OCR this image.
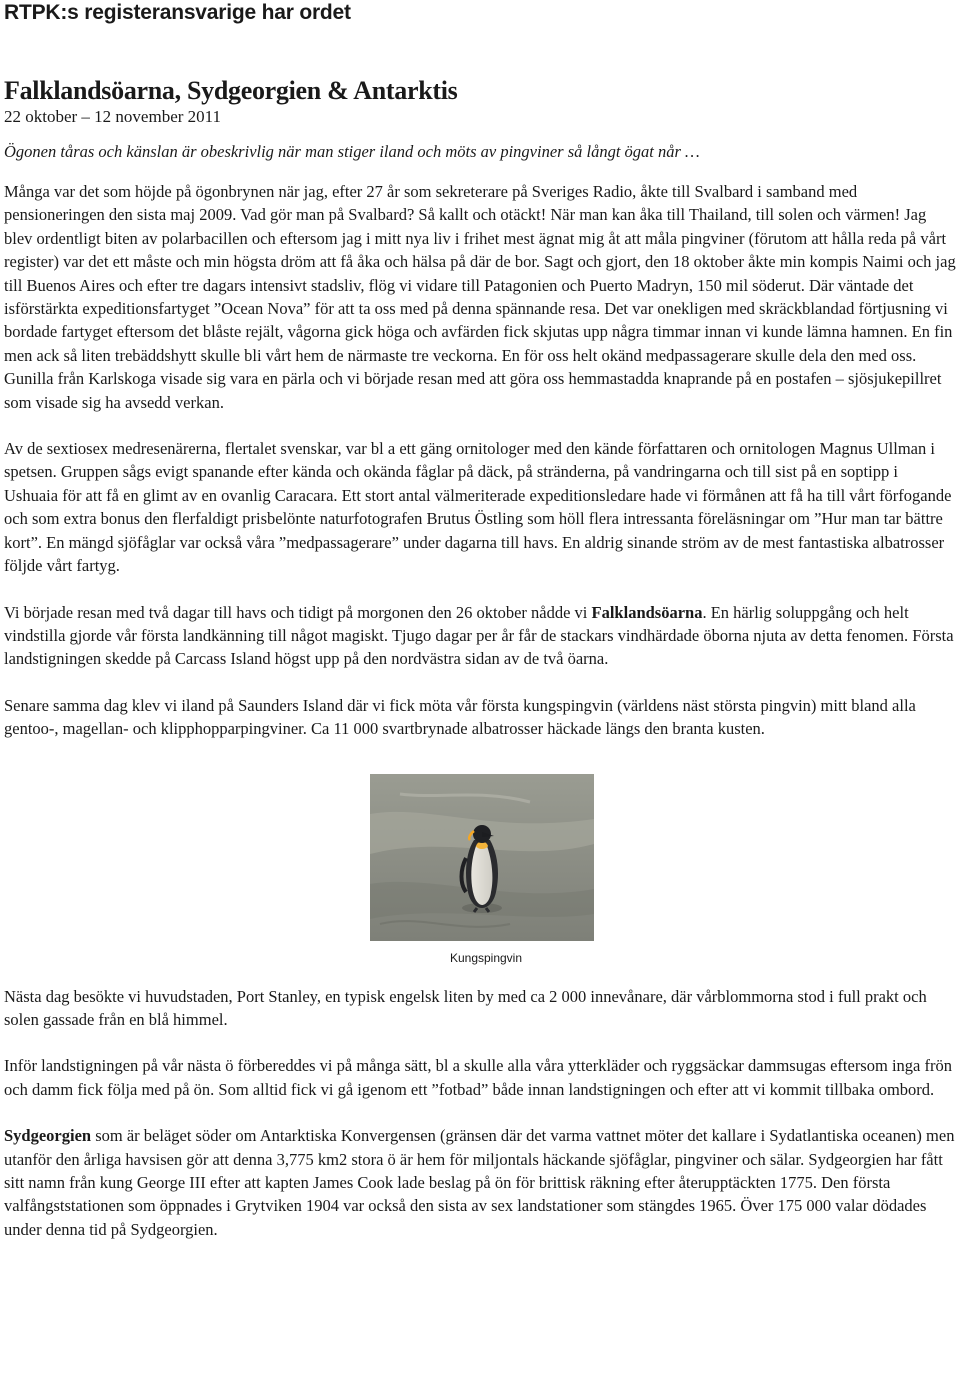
RTPK:s registeransvarige har ordet
Falklandsöarna, Sydgeorgien & Antarktis
22 oktober – 12 november 2011
Ögonen tåras och känslan är obeskrivlig när man stiger iland och möts av pingviner så långt ögat når …

Många var det som höjde på ögonbrynen när jag, efter 27 år som sekreterare på Sveriges Radio, åkte till Svalbard i samband med pensioneringen den sista maj 2009. Vad gör man på Svalbard? Så kallt och otäckt! När man kan åka till Thailand, till solen och värmen! Jag blev ordentligt biten av polarbacillen och eftersom jag i mitt nya liv i frihet mest ägnat mig åt att måla pingviner (förutom att hålla reda på vårt register) var det ett måste och min högsta dröm att få åka och hälsa på där de bor. Sagt och gjort, den 18 oktober åkte min kompis Naimi och jag till Buenos Aires och efter tre dagars intensivt stadsliv, flög vi vidare till Patagonien och Puerto Madryn, 150 mil söderut. Där väntade det isförstärkta expeditionsfartyget ”Ocean Nova” för att ta oss med på denna spännande resa. Det var onekligen med skräckblandad förtjusning vi bordade fartyget eftersom det blåste rejält, vågorna gick höga och avfärden fick skjutas upp några timmar innan vi kunde lämna hamnen. En fin men ack så liten trebäddshytt skulle bli vårt hem de närmaste tre veckorna. En för oss helt okänd medpassagerare skulle dela den med oss. Gunilla från Karlskoga visade sig vara en pärla och vi började resan med att göra oss hemmastadda knaprande på en postafen – sjösjukepillret som visade sig ha avsedd verkan.

Av de sextiosex medresenärerna, flertalet svenskar, var bl a ett gäng ornitologer med den kände författaren och ornitologen Magnus Ullman i spetsen. Gruppen sågs evigt spanande efter kända och okända fåglar på däck, på stränderna, på vandringarna och till sist på en soptipp i Ushuaia för att få en glimt av en ovanlig Caracara. Ett stort antal välmeriterade expeditionsledare hade vi förmånen att få ha till vårt förfogande och som extra bonus den flerfaldigt prisbelönte naturfotografen Brutus Östling som höll flera intressanta föreläsningar om ”Hur man tar bättre kort”. En mängd sjöfåglar var också våra ”medpassagerare” under dagarna till havs. En aldrig sinande ström av de mest fantastiska albatrosser följde vårt fartyg.

Vi började resan med två dagar till havs och tidigt på morgonen den 26 oktober nådde vi Falklandsöarna. En härlig soluppgång och helt vindstilla gjorde vår första landkänning till något magiskt. Tjugo dagar per år får de stackars vindhärdade öborna njuta av detta fenomen. Första landstigningen skedde på Carcass Island högst upp på den nordvästra sidan av de två öarna.

Senare samma dag klev vi iland på Saunders Island där vi fick möta vår första kungspingvin (världens näst största pingvin) mitt bland alla gentoo-, magellan- och klipphopparpingviner. Ca 11 000 svartbrynade albatrosser häckade längs den branta kusten.

Kungspingvin

Nästa dag besökte vi huvudstaden, Port Stanley, en typisk engelsk liten by med ca 2 000 innevånare, där vårblommorna stod i full prakt och solen gassade från en blå himmel.

Inför landstigningen på vår nästa ö förbereddes vi på många sätt, bl a skulle alla våra ytterkläder och ryggsäckar dammsugas eftersom inga frön och damm fick följa med på ön. Som alltid fick vi gå igenom ett ”fotbad” både innan landstigningen och efter att vi kommit tillbaka ombord.

Sydgeorgien som är beläget söder om Antarktiska Konvergensen (gränsen där det varma vattnet möter det kallare i Sydatlantiska oceanen) men utanför den årliga havsisen gör att denna 3,775 km2 stora ö är hem för miljontals häckande sjöfåglar, pingviner och sälar. Sydgeorgien har fått sitt namn från kung George III efter att kapten James Cook lade beslag på ön för brittisk räkning efter återupptäckten 1775. Den första valfångststationen som öppnades i Grytviken 1904 var också den sista av sex landstationer som stängdes 1965. Över 175 000 valar dödades under denna tid på Sydgeorgien.
